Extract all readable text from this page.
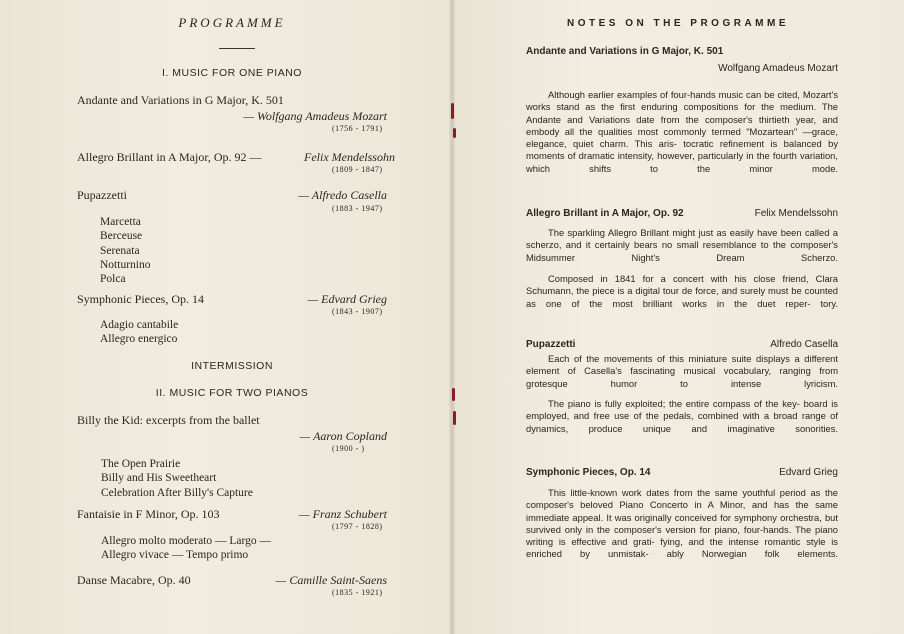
PROGRAMME
I. MUSIC FOR ONE PIANO
Andante and Variations in G Major, K. 501
— Wolfgang Amadeus Mozart
(1756 - 1791)
Allegro Brillant in A Major, Op. 92 —	Felix Mendelssohn
(1809 - 1847)
Pupazzetti	— Alfredo Casella
(1883 - 1947)
Marcetta
Berceuse
Serenata
Notturnino
Polca
Symphonic Pieces, Op. 14	— Edvard Grieg
(1843 - 1907)
Adagio cantabile
Allegro energico
INTERMISSION
II. MUSIC FOR TWO PIANOS
Billy the Kid: excerpts from the ballet
— Aaron Copland
(1900 - )
The Open Prairie
Billy and His Sweetheart
Celebration After Billy's Capture
Fantaisie in F Minor, Op. 103	— Franz Schubert
(1797 - 1828)
Allegro molto moderato — Largo —
Allegro vivace — Tempo primo
Danse Macabre, Op. 40	— Camille Saint-Saens
(1835 - 1921)
NOTES ON THE PROGRAMME
Andante and Variations in G Major, K. 501
Wolfgang Amadeus Mozart
Although earlier examples of four-hands music can be cited, Mozart's works stand as the first enduring compositions for the medium. The Andante and Variations date from the composer's thirtieth year, and embody all the qualities most commonly termed "Mozartean" —grace, elegance, quiet charm. This aris- tocratic refinement is balanced by moments of dramatic intensity, however, particularly in the fourth variation, which shifts to the	minor mode.
Allegro Brillant in A Major, Op. 92	Felix Mendelssohn
The sparkling Allegro Brillant might just as easily have been called a scherzo, and it certainly bears no small resemblance to the composer's Midsummer Night's Dream Scherzo.
Composed in 1841 for a concert with his close friend, Clara Schumann, the piece is a digital tour de force, and surely must be counted as one of the most brilliant works in the duet reper- tory.
Pupazzetti	Alfredo Casella
Each of the movements of this miniature suite displays a different element of Casella's fascinating musical vocabulary, ranging from grotesque humor to intense lyricism.
The piano is fully exploited; the entire compass of the key- board is employed, and free use of the pedals, combined with a broad range of dynamics, produce unique and imaginative sonorities.
Symphonic Pieces, Op. 14	Edvard Grieg
This little-known work dates from the same youthful period as the composer's beloved Piano Concerto in A Minor, and has the same immediate appeal. It was originally conceived for symphony orchestra, but survived only in the composer's version for piano, four-hands. The piano writing is effective and grati- fying, and the intense romantic style is enriched by unmistak- ably Norwegian folk elements.
